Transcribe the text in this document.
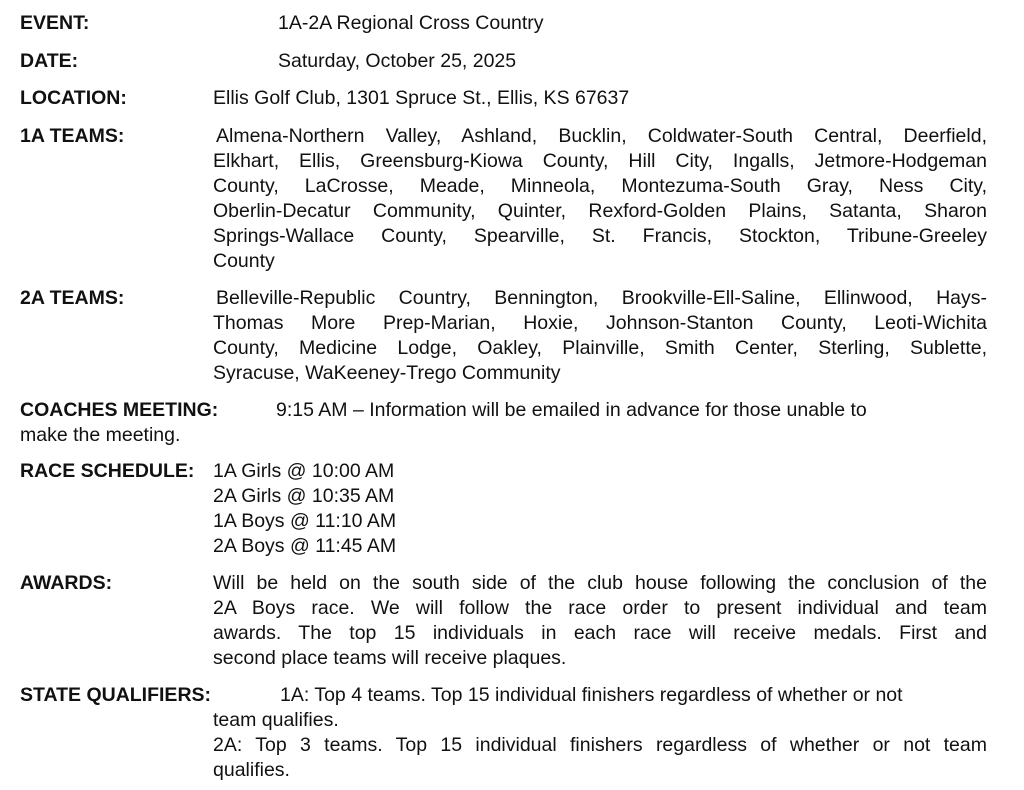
EVENT:	1A-2A Regional Cross Country
DATE:	Saturday, October 25, 2025
LOCATION:	Ellis Golf Club, 1301 Spruce St., Ellis, KS 67637
1A TEAMS:	Almena-Northern Valley, Ashland, Bucklin, Coldwater-South Central, Deerfield,
Elkhart, Ellis, Greensburg-Kiowa County, Hill City, Ingalls, Jetmore-Hodgeman
County, LaCrosse, Meade, Minneola, Montezuma-South Gray, Ness City,
Oberlin-Decatur Community, Quinter, Rexford-Golden Plains, Satanta, Sharon
Springs-Wallace County, Spearville, St. Francis, Stockton, Tribune-Greeley
County
2A TEAMS:	Belleville-Republic Country, Bennington, Brookville-Ell-Saline, Ellinwood, Hays-
Thomas More Prep-Marian, Hoxie, Johnson-Stanton County, Leoti-Wichita
County, Medicine Lodge, Oakley, Plainville, Smith Center, Sterling, Sublette,
Syracuse, WaKeeney-Trego Community
COACHES MEETING:	9:15 AM – Information will be emailed in advance for those unable to
make the meeting.
RACE SCHEDULE: 1A Girls @ 10:00 AM
2A Girls @ 10:35 AM
1A Boys @ 11:10 AM
2A Boys @ 11:45 AM
AWARDS:	Will be held on the south side of the club house following the conclusion of the
2A Boys race. We will follow the race order to present individual and team
awards. The top 15 individuals in each race will receive medals. First and
second place teams will receive plaques.
STATE QUALIFIERS:	1A: Top 4 teams. Top 15 individual finishers regardless of whether or not
team qualifies.
2A: Top 3 teams. Top 15 individual finishers regardless of whether or not team
qualifies.
